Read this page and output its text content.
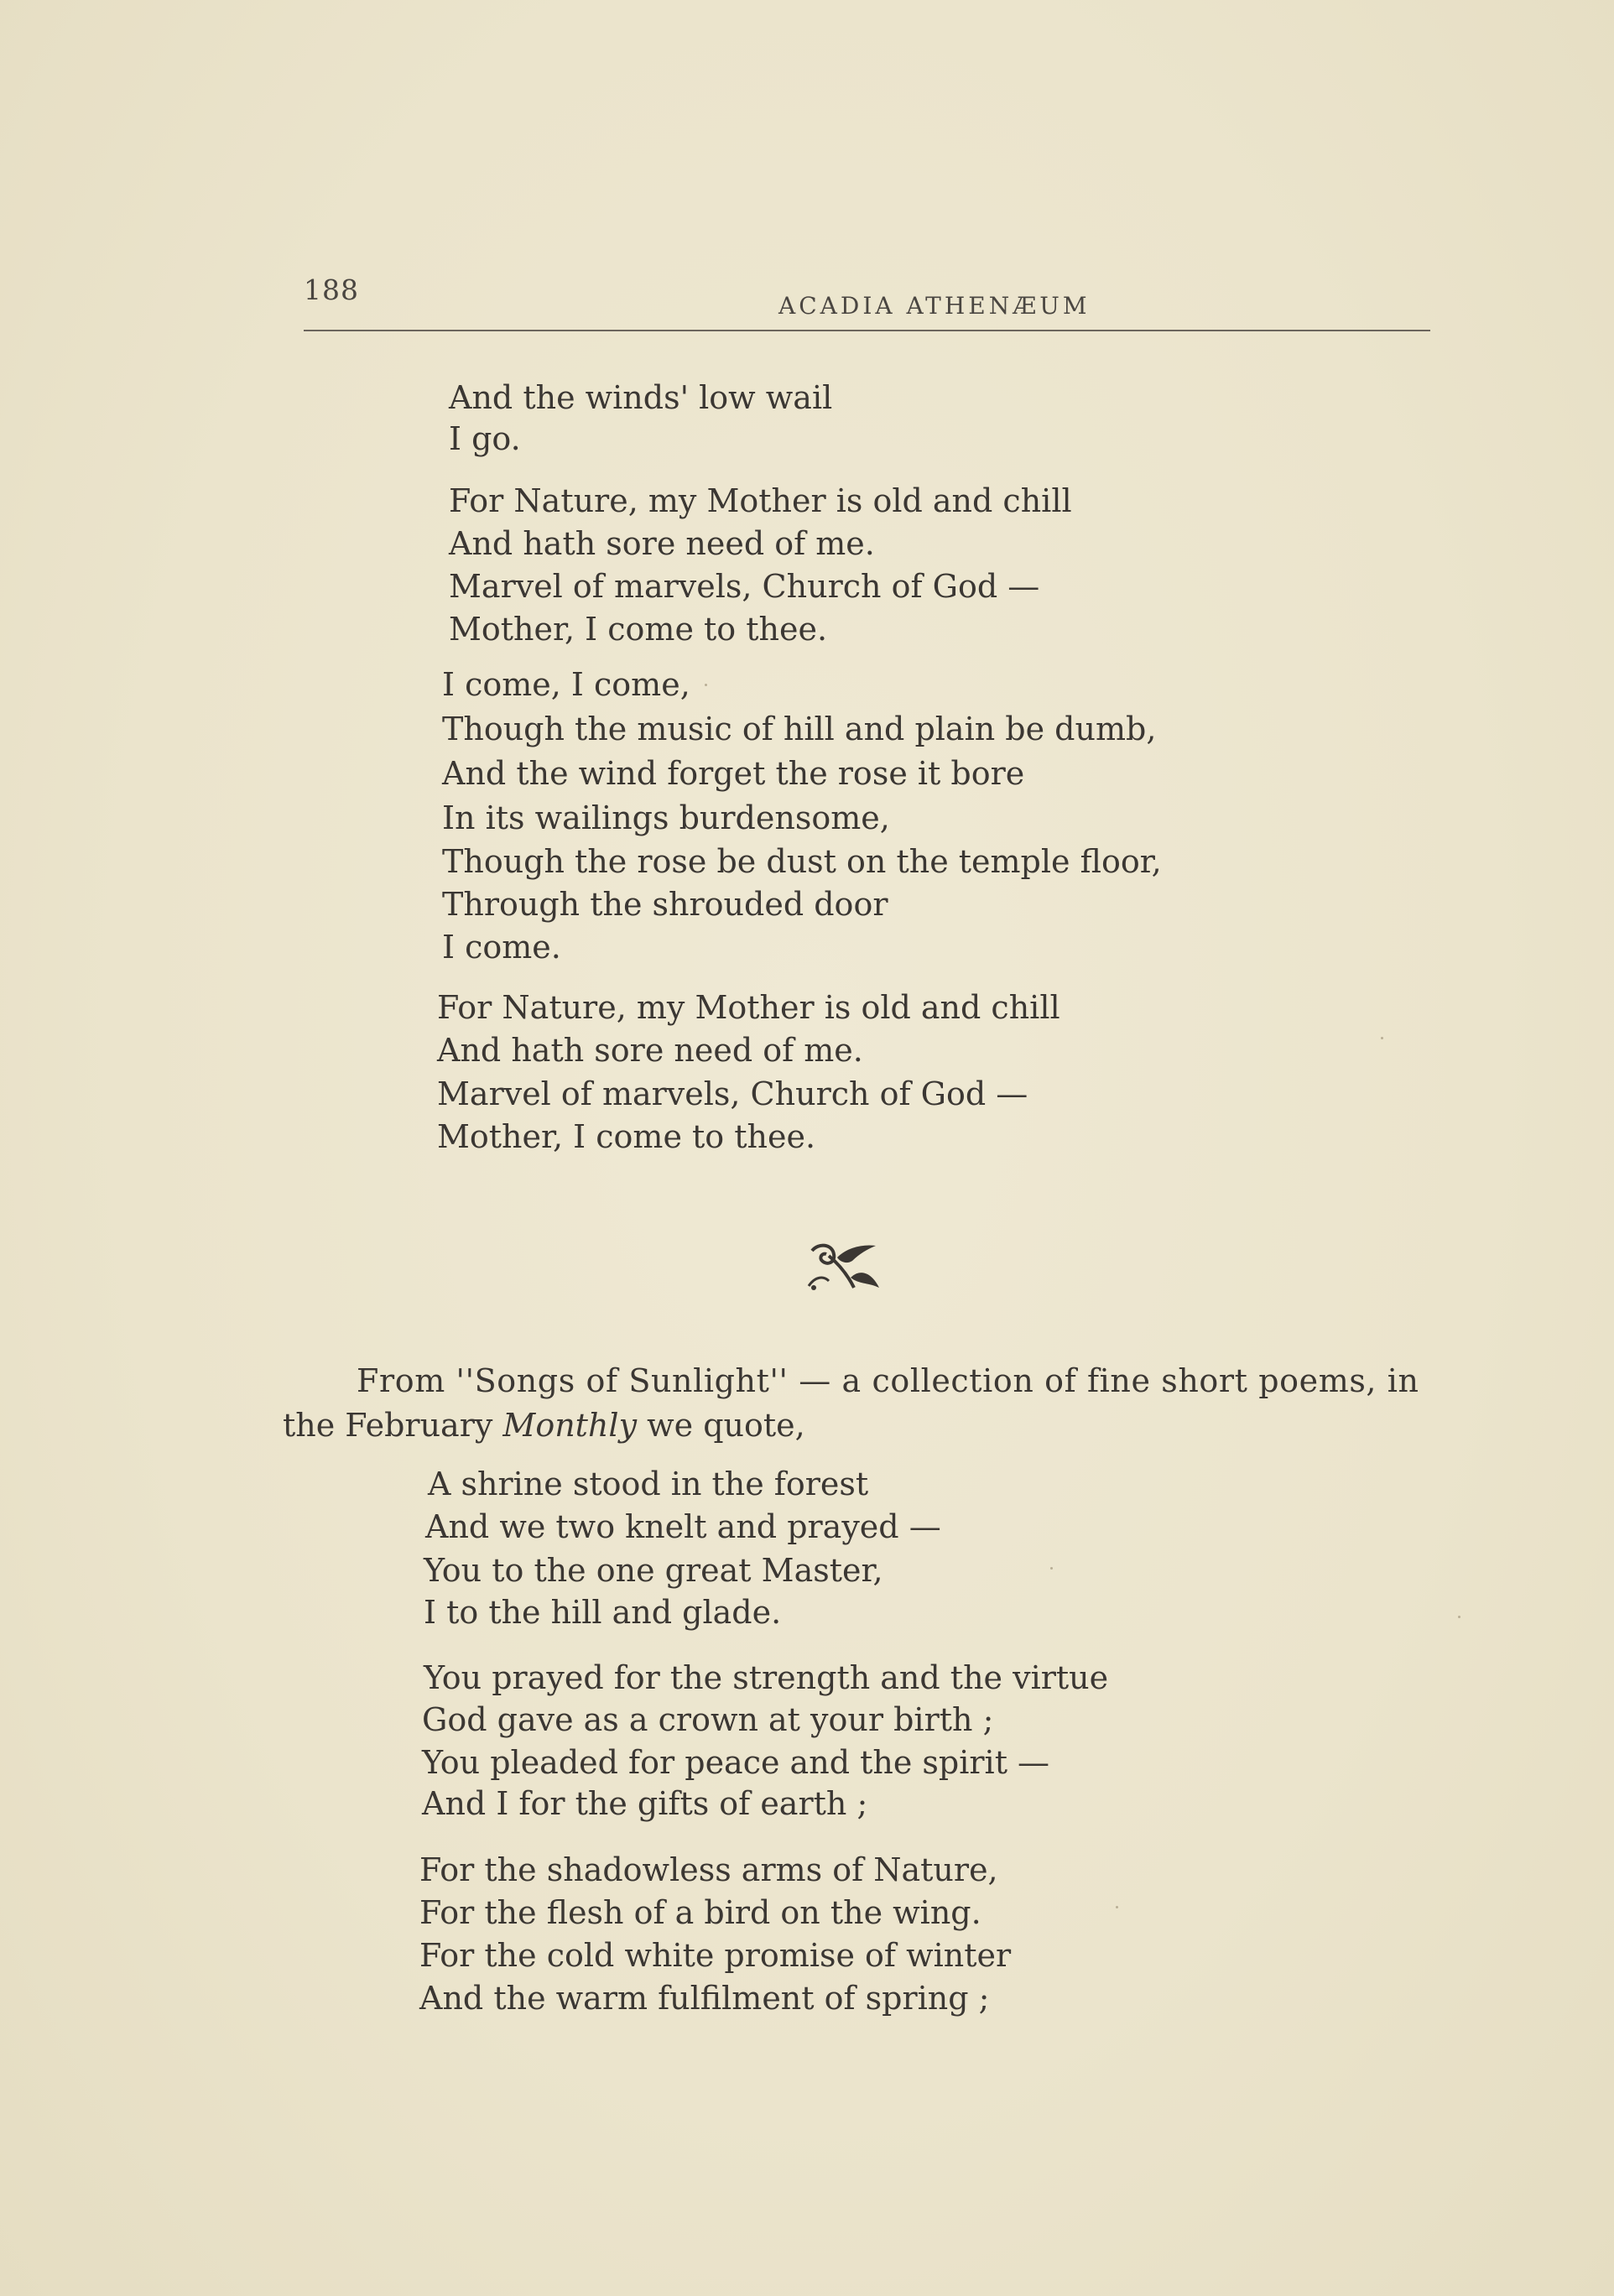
188	ACADIA ATHENÆUM
And the winds' low wail
I go.
For Nature, my Mother is old and chill
And hath sore need of me.
Marvel of marvels, Church of God —
Mother, I come to thee.
I come, I come,
Though the music of hill and plain be dumb,
And the wind forget the rose it bore
In its wailings burdensome,
Though the rose be dust on the temple floor,
Through the shrouded door
I come.
For Nature, my Mother is old and chill
And hath sore need of me.
Marvel of marvels, Church of God —
Mother, I come to thee.
From ''Songs of Sunlight'' — a collection of fine short poems, in
the February Monthly we quote,
A shrine stood in the forest
And we two knelt and prayed —
You to the one great Master,
I to the hill and glade.
You prayed for the strength and the virtue
God gave as a crown at your birth ;
You pleaded for peace and the spirit —
And I for the gifts of earth ;
For the shadowless arms of Nature,
For the flesh of a bird on the wing.
For the cold white promise of winter
And the warm fulfilment of spring ;
